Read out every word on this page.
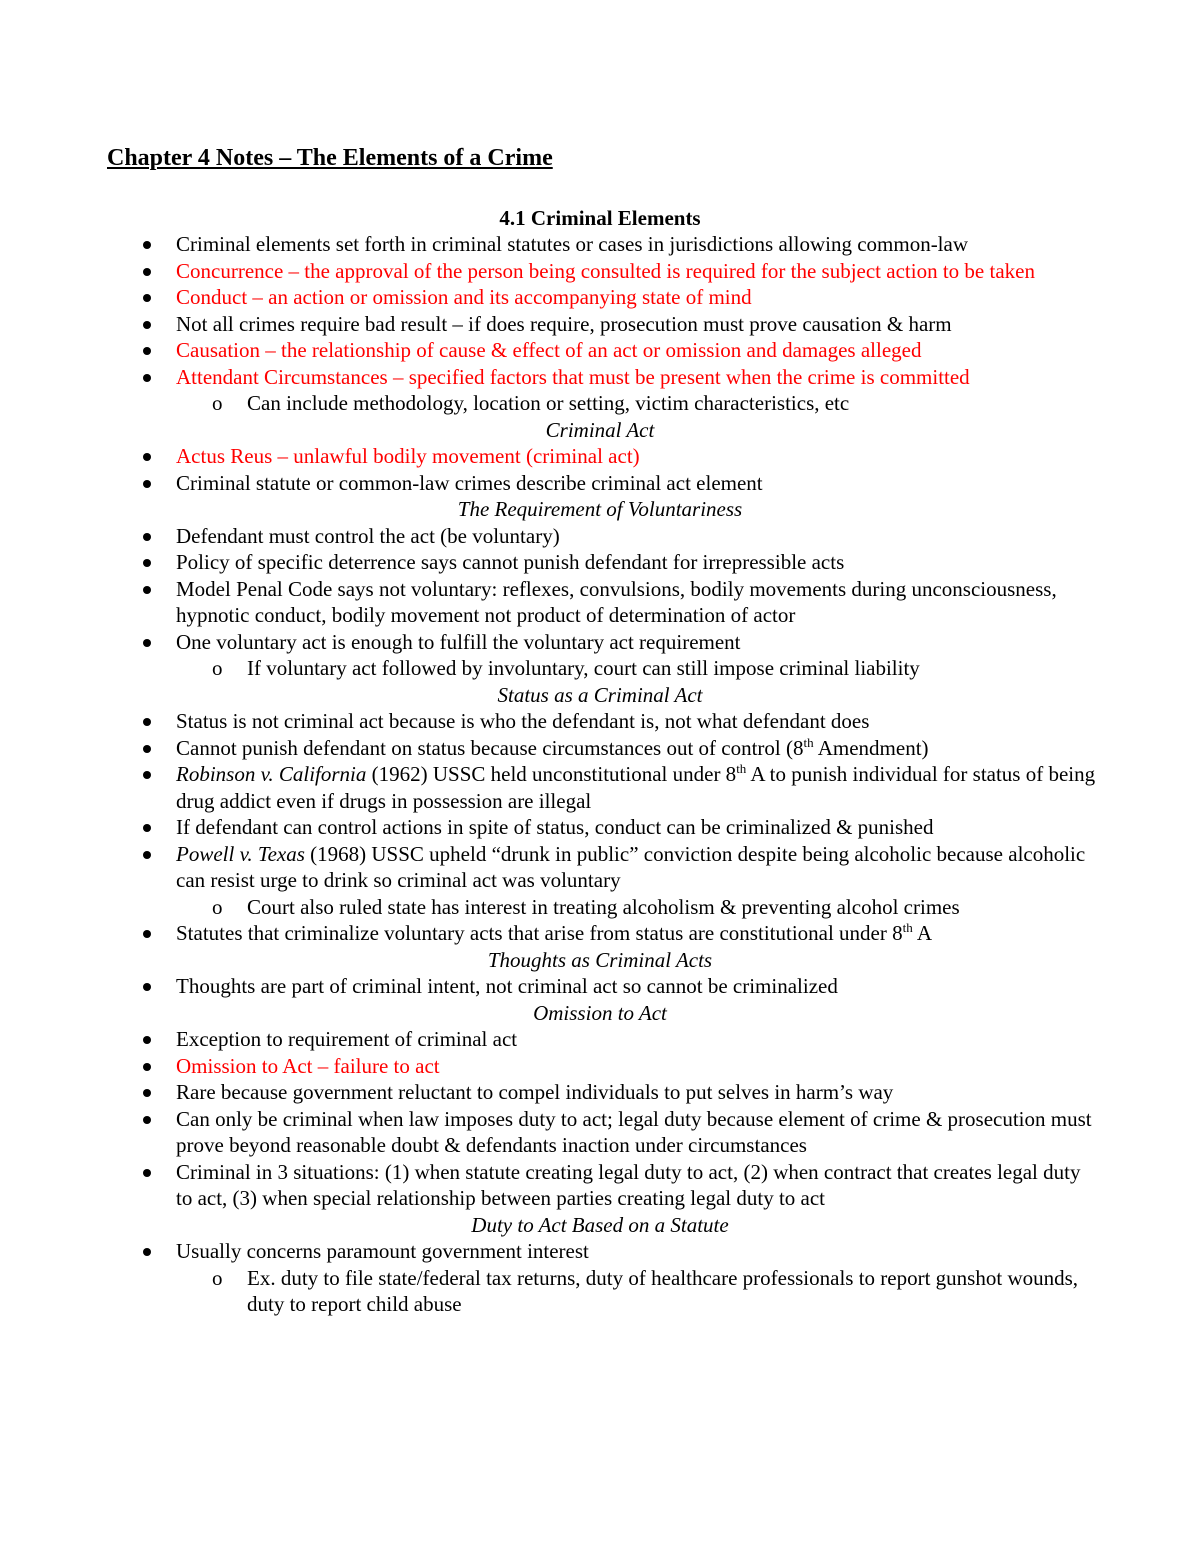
Chapter 4 Notes – The Elements of a Crime
4.1 Criminal Elements
Criminal elements set forth in criminal statutes or cases in jurisdictions allowing common-law
Concurrence – the approval of the person being consulted is required for the subject action to be taken
Conduct – an action or omission and its accompanying state of mind
Not all crimes require bad result – if does require, prosecution must prove causation & harm
Causation – the relationship of cause & effect of an act or omission and damages alleged
Attendant Circumstances – specified factors that must be present when the crime is committed
o Can include methodology, location or setting, victim characteristics, etc
Criminal Act
Actus Reus – unlawful bodily movement (criminal act)
Criminal statute or common-law crimes describe criminal act element
The Requirement of Voluntariness
Defendant must control the act (be voluntary)
Policy of specific deterrence says cannot punish defendant for irrepressible acts
Model Penal Code says not voluntary: reflexes, convulsions, bodily movements during unconsciousness, hypnotic conduct, bodily movement not product of determination of actor
One voluntary act is enough to fulfill the voluntary act requirement
o If voluntary act followed by involuntary, court can still impose criminal liability
Status as a Criminal Act
Status is not criminal act because is who the defendant is, not what defendant does
Cannot punish defendant on status because circumstances out of control (8th Amendment)
Robinson v. California (1962) USSC held unconstitutional under 8th A to punish individual for status of being drug addict even if drugs in possession are illegal
If defendant can control actions in spite of status, conduct can be criminalized & punished
Powell v. Texas (1968) USSC upheld “drunk in public” conviction despite being alcoholic because alcoholic can resist urge to drink so criminal act was voluntary
o Court also ruled state has interest in treating alcoholism & preventing alcohol crimes
Statutes that criminalize voluntary acts that arise from status are constitutional under 8th A
Thoughts as Criminal Acts
Thoughts are part of criminal intent, not criminal act so cannot be criminalized
Omission to Act
Exception to requirement of criminal act
Omission to Act – failure to act
Rare because government reluctant to compel individuals to put selves in harm’s way
Can only be criminal when law imposes duty to act; legal duty because element of crime & prosecution must prove beyond reasonable doubt & defendants inaction under circumstances
Criminal in 3 situations: (1) when statute creating legal duty to act, (2) when contract that creates legal duty to act, (3) when special relationship between parties creating legal duty to act
Duty to Act Based on a Statute
Usually concerns paramount government interest
o Ex. duty to file state/federal tax returns, duty of healthcare professionals to report gunshot wounds, duty to report child abuse
